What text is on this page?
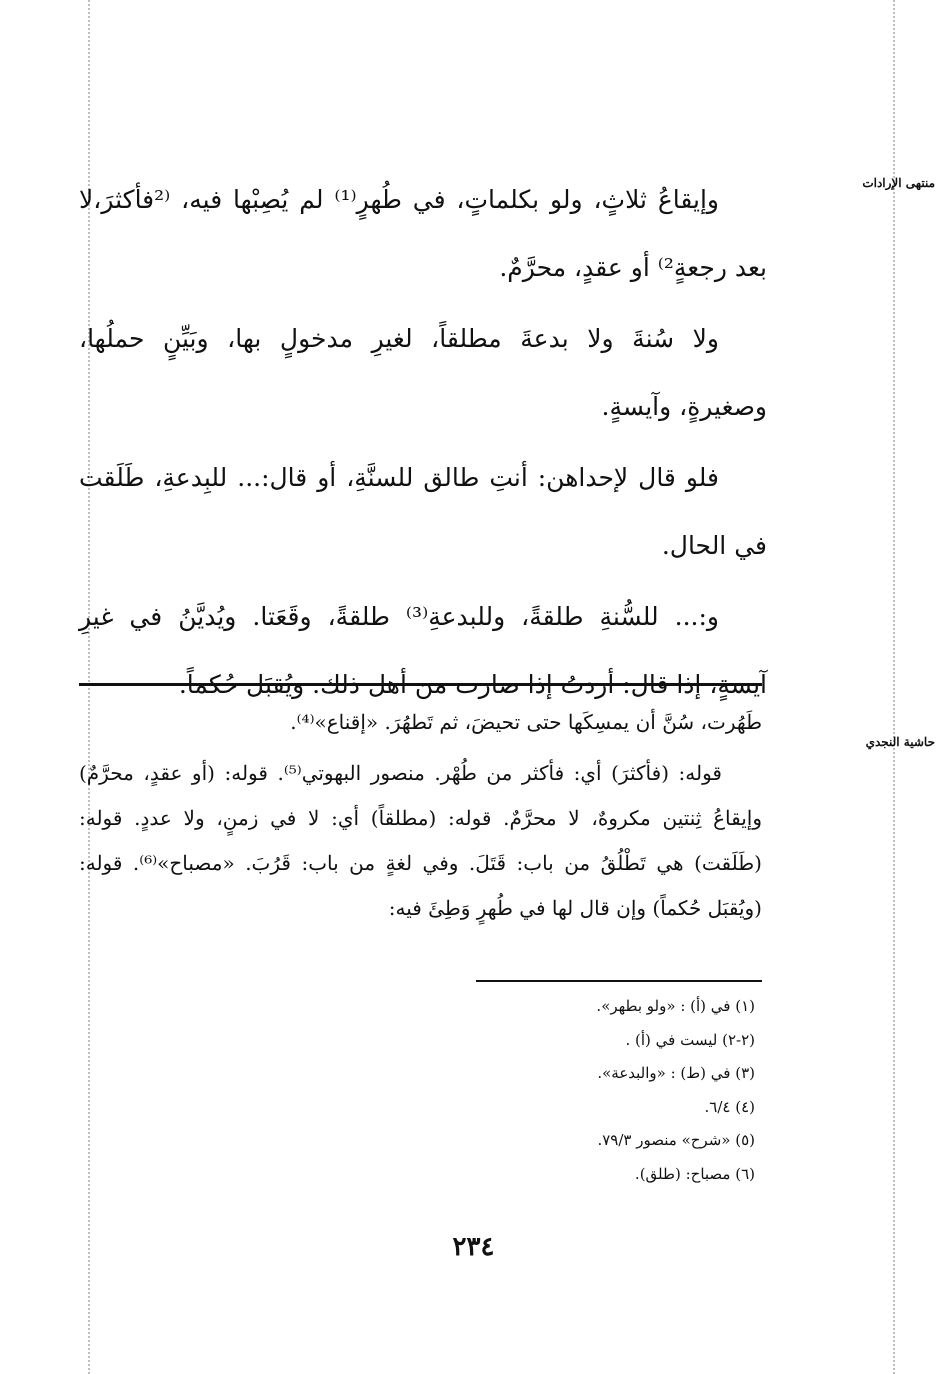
منتهى الإرادات
حاشية النجدي

وإيقاعُ ثلاثٍ، ولو بكلماتٍ، في طُهرٍ⁽¹⁾ لم يُصِبْها فيه، ⁽²فأكثرَ،لا بعد رجعةٍ²⁾ أو عقدٍ، محرَّمٌ.

ولا سُنةَ ولا بدعةَ مطلقاً، لغيرِ مدخولٍ بها، وبَيِّنٍ حملُها، وصغيرةٍ، وآيسةٍ.

فلو قال لإحداهن: أنتِ طالق للسنَّةِ، أو قال:... للبِدعةِ، طَلَقت في الحال.

و:... للسُّنةِ طلقةً، وللبدعةِ⁽³⁾ طلقةً، وقَعَتا. ويُديَّنُ في غيرِ آيسةٍ، إذا قال: أردتُ إذا صارت من أهل ذلك. ويُقبَل حُكماً.

طَهُرت، سُنَّ أن يمسِكَها حتى تحيضَ، ثم تَطهُرَ. «إقناع»⁽⁴⁾.

قوله: (فأكثرَ) أي: فأكثر من طُهْر. منصور البهوتي⁽⁵⁾. قوله: (أو عقدٍ، محرَّمٌ) وإيقاعُ ثِنتين مكروهٌ، لا محرَّمٌ. قوله: (مطلقاً) أي: لا في زمنٍ، ولا عددٍ. قوله: (طَلَقت) هي تَطْلُقُ من باب: قَتَلَ. وفي لغةٍ من باب: قَرُبَ. «مصباح»⁽⁶⁾. قوله: (ويُقبَل حُكماً) وإن قال لها في طُهرٍ وَطِئَ فيه:

(١) في (أ) : «ولو بطهر».
(٢-٢) ليست في (أ) .
(٣) في (ط) : «والبدعة».
(٤) ٦/٤.
(٥) «شرح» منصور ٧٩/٣.
(٦) مصباح: (طلق).
٢٣٤
